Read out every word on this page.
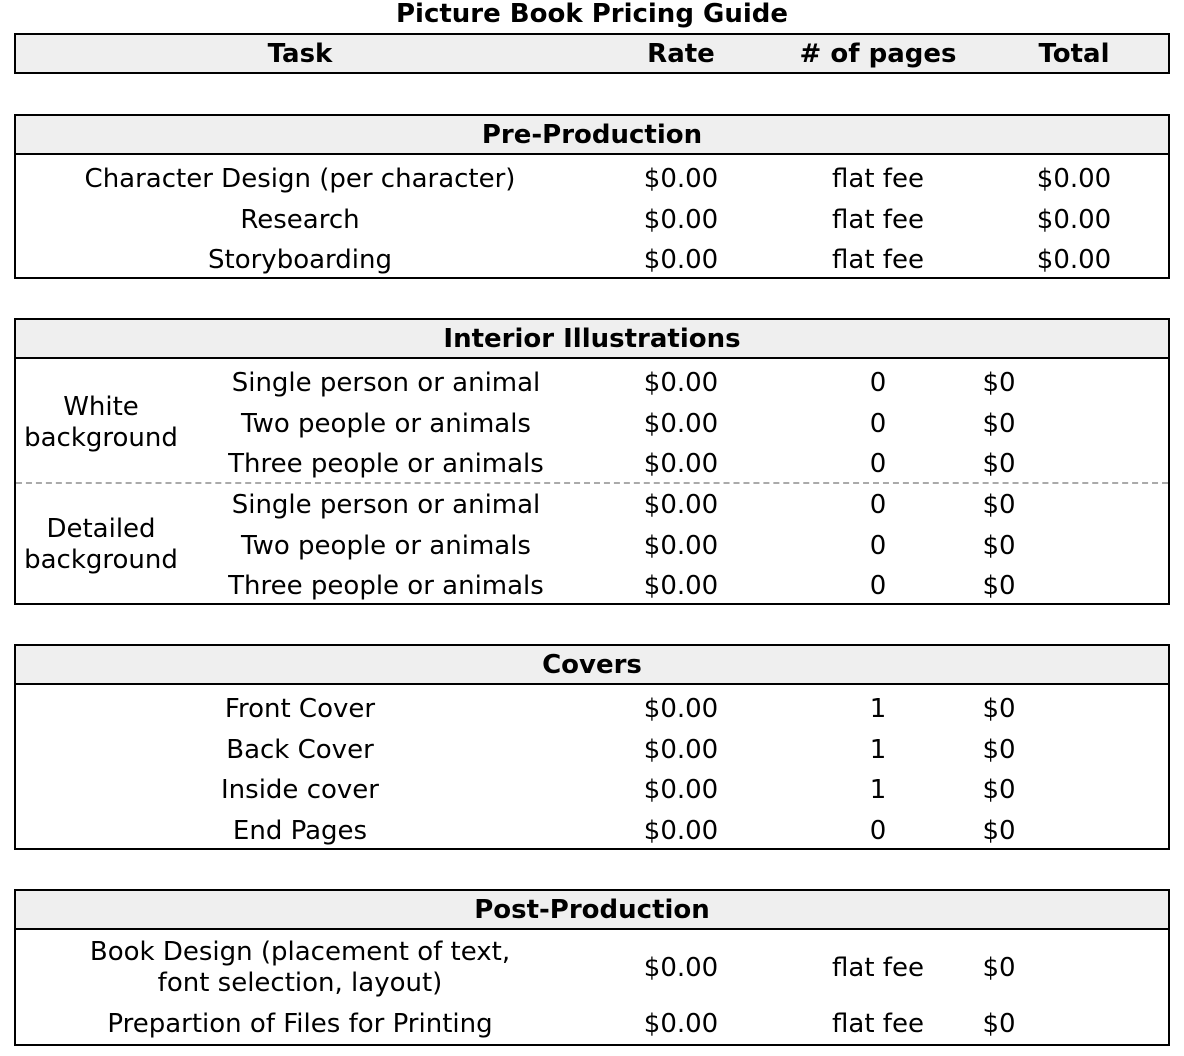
Picture Book Pricing Guide
Task	Rate	# of pages	Total
Pre-Production
Character Design (per character)	$0.00	flat fee	$0.00
Research	$0.00	flat fee	$0.00
Storyboarding	$0.00	flat fee	$0.00
Interior Illustrations
White background
Single person or animal	$0.00	0	$0
Two people or animals	$0.00	0	$0
Three people or animals	$0.00	0	$0
Detailed background
Single person or animal	$0.00	0	$0
Two people or animals	$0.00	0	$0
Three people or animals	$0.00	0	$0
Covers
Front Cover	$0.00	1	$0
Back Cover	$0.00	1	$0
Inside cover	$0.00	1	$0
End Pages	$0.00	0	$0
Post-Production
Book Design (placement of text, font selection, layout)	$0.00	flat fee	$0
Prepartion of Files for Printing	$0.00	flat fee	$0
